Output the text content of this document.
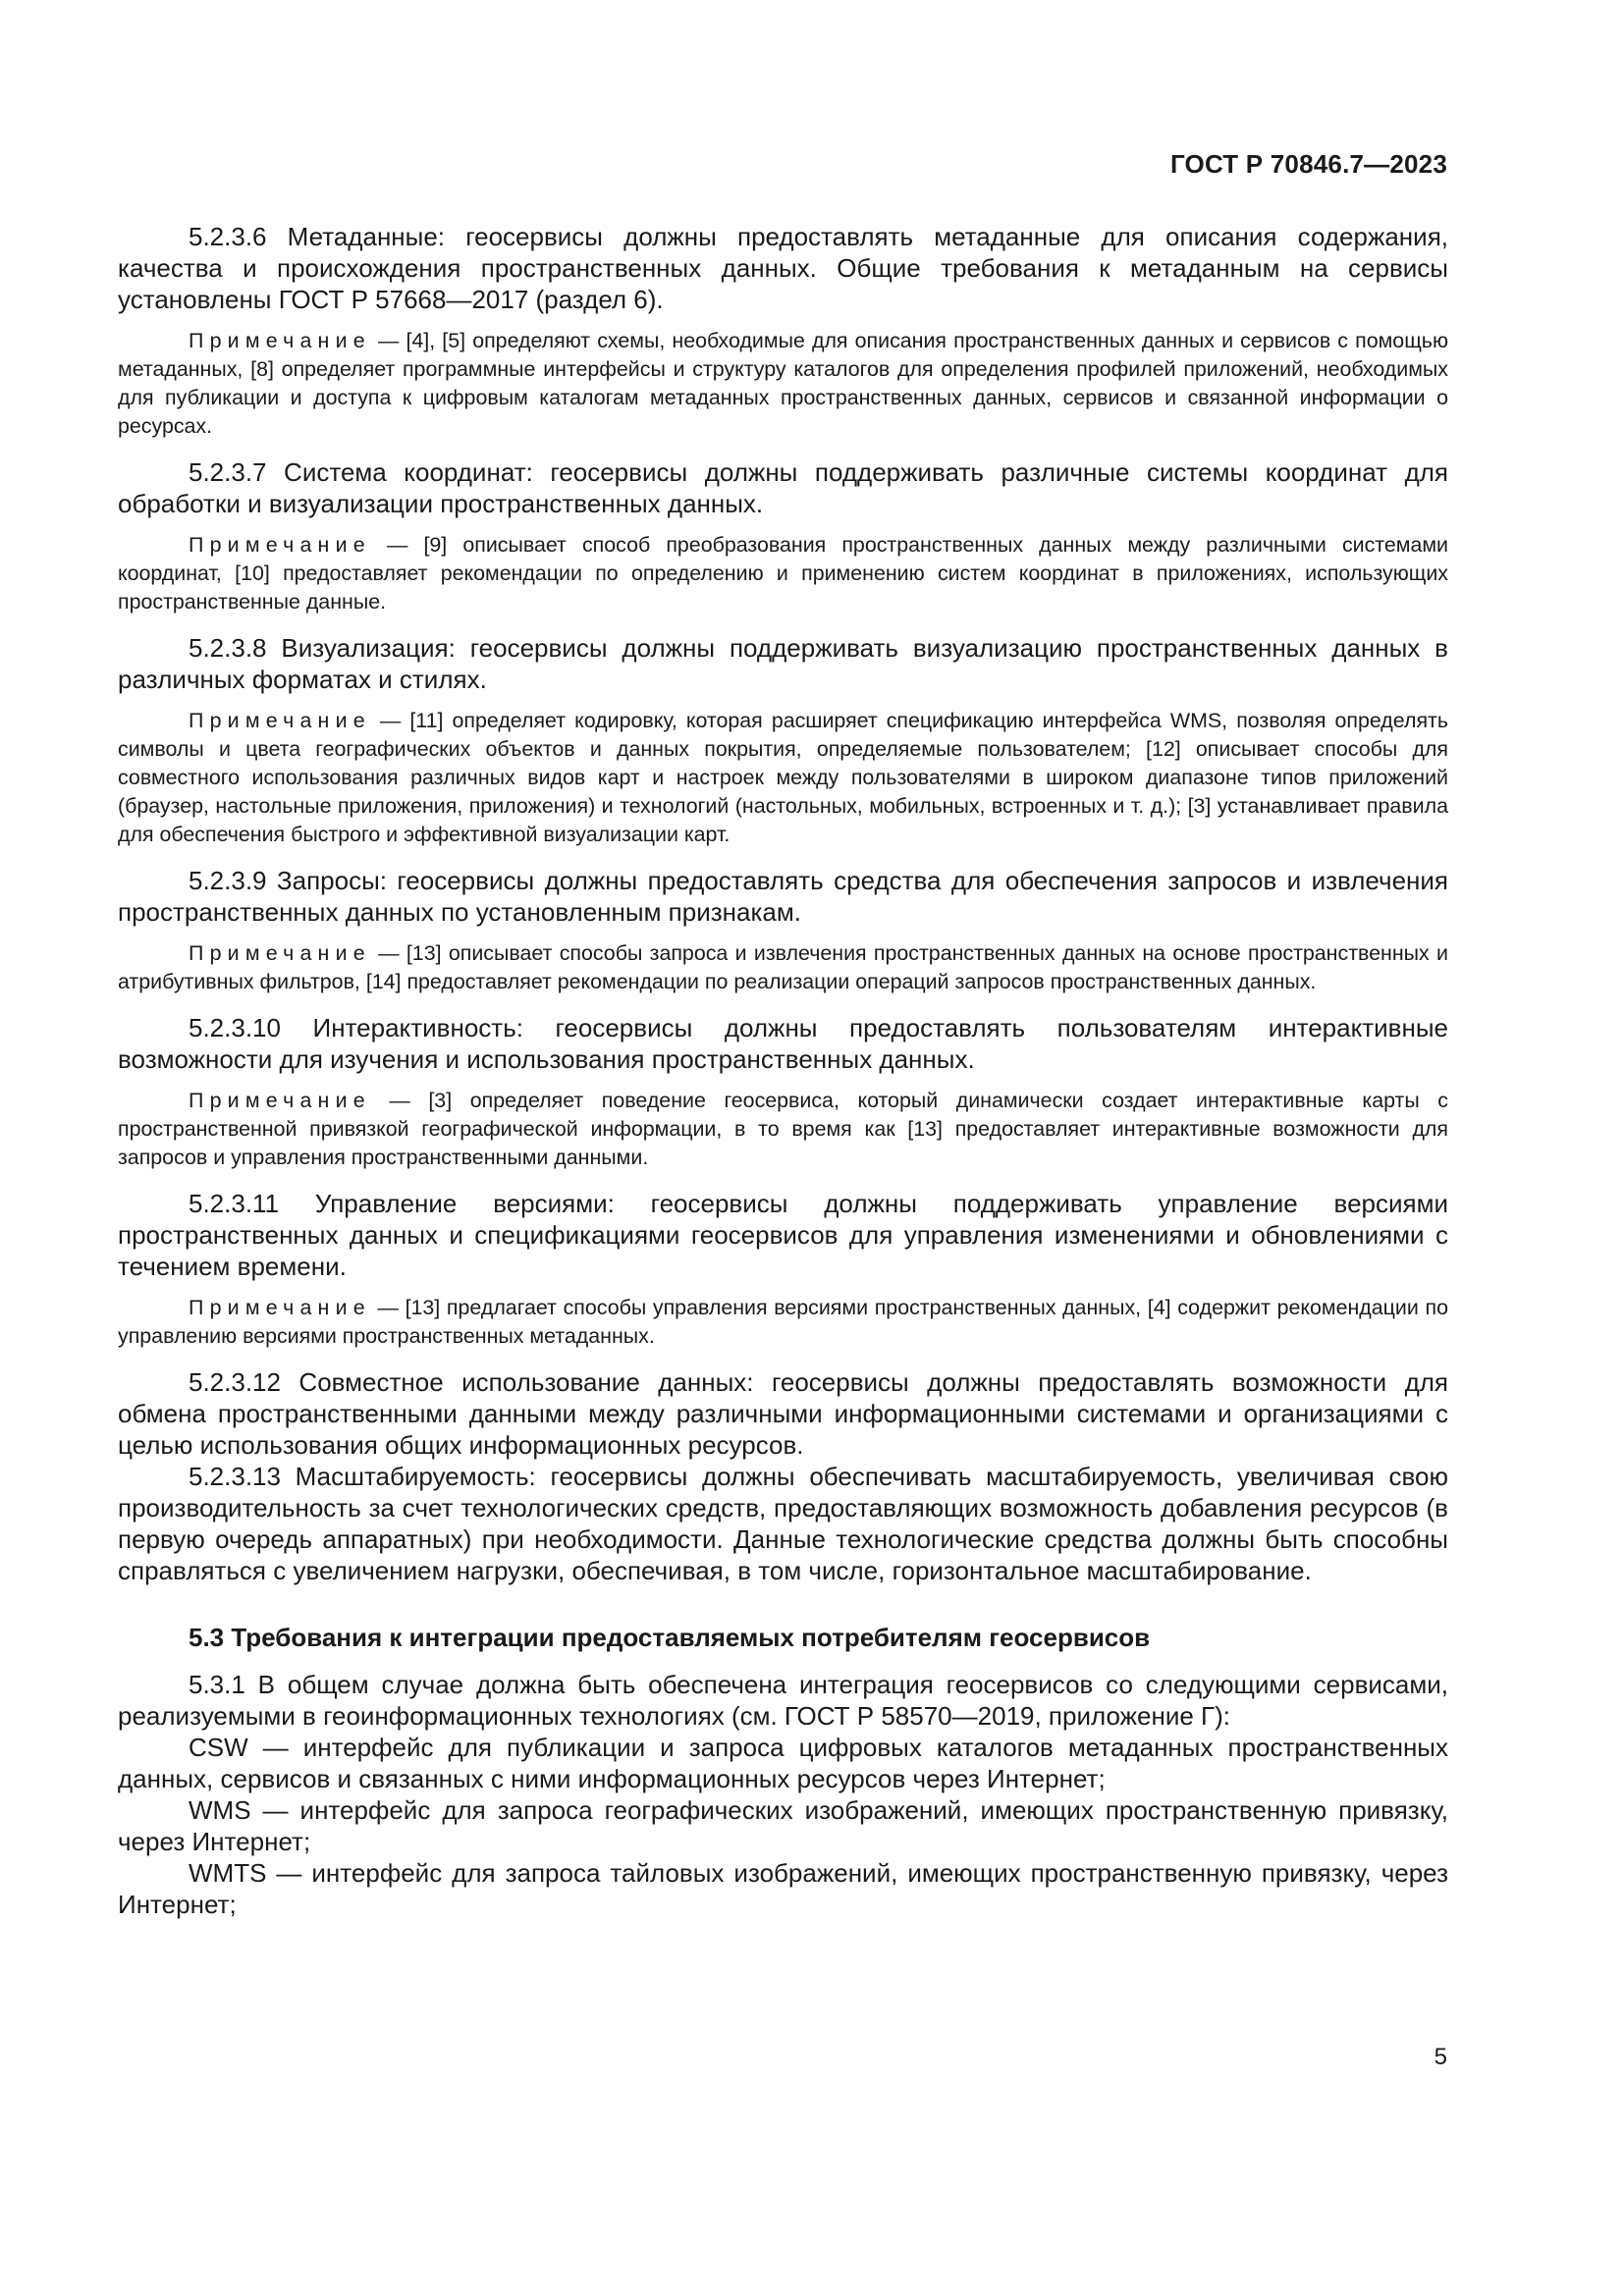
ГОСТ Р 70846.7—2023

5.2.3.6 Метаданные: геосервисы должны предоставлять метаданные для описания содержания, качества и происхождения пространственных данных. Общие требования к метаданным на сервисы установлены ГОСТ Р 57668—2017 (раздел 6).

Примечание — [4], [5] определяют схемы, необходимые для описания пространственных данных и сервисов с помощью метаданных, [8] определяет программные интерфейсы и структуру каталогов для определения профилей приложений, необходимых для публикации и доступа к цифровым каталогам метаданных пространственных данных, сервисов и связанной информации о ресурсах.

5.2.3.7 Система координат: геосервисы должны поддерживать различные системы координат для обработки и визуализации пространственных данных.

Примечание — [9] описывает способ преобразования пространственных данных между различными системами координат, [10] предоставляет рекомендации по определению и применению систем координат в приложениях, использующих пространственные данные.

5.2.3.8 Визуализация: геосервисы должны поддерживать визуализацию пространственных данных в различных форматах и стилях.

Примечание — [11] определяет кодировку, которая расширяет спецификацию интерфейса WMS, позволяя определять символы и цвета географических объектов и данных покрытия, определяемые пользователем; [12] описывает способы для совместного использования различных видов карт и настроек между пользователями в широком диапазоне типов приложений (браузер, настольные приложения, приложения) и технологий (настольных, мобильных, встроенных и т. д.); [3] устанавливает правила для обеспечения быстрого и эффективной визуализации карт.

5.2.3.9 Запросы: геосервисы должны предоставлять средства для обеспечения запросов и извлечения пространственных данных по установленным признакам.

Примечание — [13] описывает способы запроса и извлечения пространственных данных на основе пространственных и атрибутивных фильтров, [14] предоставляет рекомендации по реализации операций запросов пространственных данных.

5.2.3.10 Интерактивность: геосервисы должны предоставлять пользователям интерактивные возможности для изучения и использования пространственных данных.

Примечание — [3] определяет поведение геосервиса, который динамически создает интерактивные карты с пространственной привязкой географической информации, в то время как [13] предоставляет интерактивные возможности для запросов и управления пространственными данными.

5.2.3.11 Управление версиями: геосервисы должны поддерживать управление версиями пространственных данных и спецификациями геосервисов для управления изменениями и обновлениями с течением времени.

Примечание — [13] предлагает способы управления версиями пространственных данных, [4] содержит рекомендации по управлению версиями пространственных метаданных.

5.2.3.12 Совместное использование данных: геосервисы должны предоставлять возможности для обмена пространственными данными между различными информационными системами и организациями с целью использования общих информационных ресурсов.

5.2.3.13 Масштабируемость: геосервисы должны обеспечивать масштабируемость, увеличивая свою производительность за счет технологических средств, предоставляющих возможность добавления ресурсов (в первую очередь аппаратных) при необходимости. Данные технологические средства должны быть способны справляться с увеличением нагрузки, обеспечивая, в том числе, горизонтальное масштабирование.

5.3 Требования к интеграции предоставляемых потребителям геосервисов

5.3.1 В общем случае должна быть обеспечена интеграция геосервисов со следующими сервисами, реализуемыми в геоинформационных технологиях (см. ГОСТ Р 58570—2019, приложение Г):

CSW — интерфейс для публикации и запроса цифровых каталогов метаданных пространственных данных, сервисов и связанных с ними информационных ресурсов через Интернет;

WMS — интерфейс для запроса географических изображений, имеющих пространственную привязку, через Интернет;

WMTS — интерфейс для запроса тайловых изображений, имеющих пространственную привязку, через Интернет;

5
